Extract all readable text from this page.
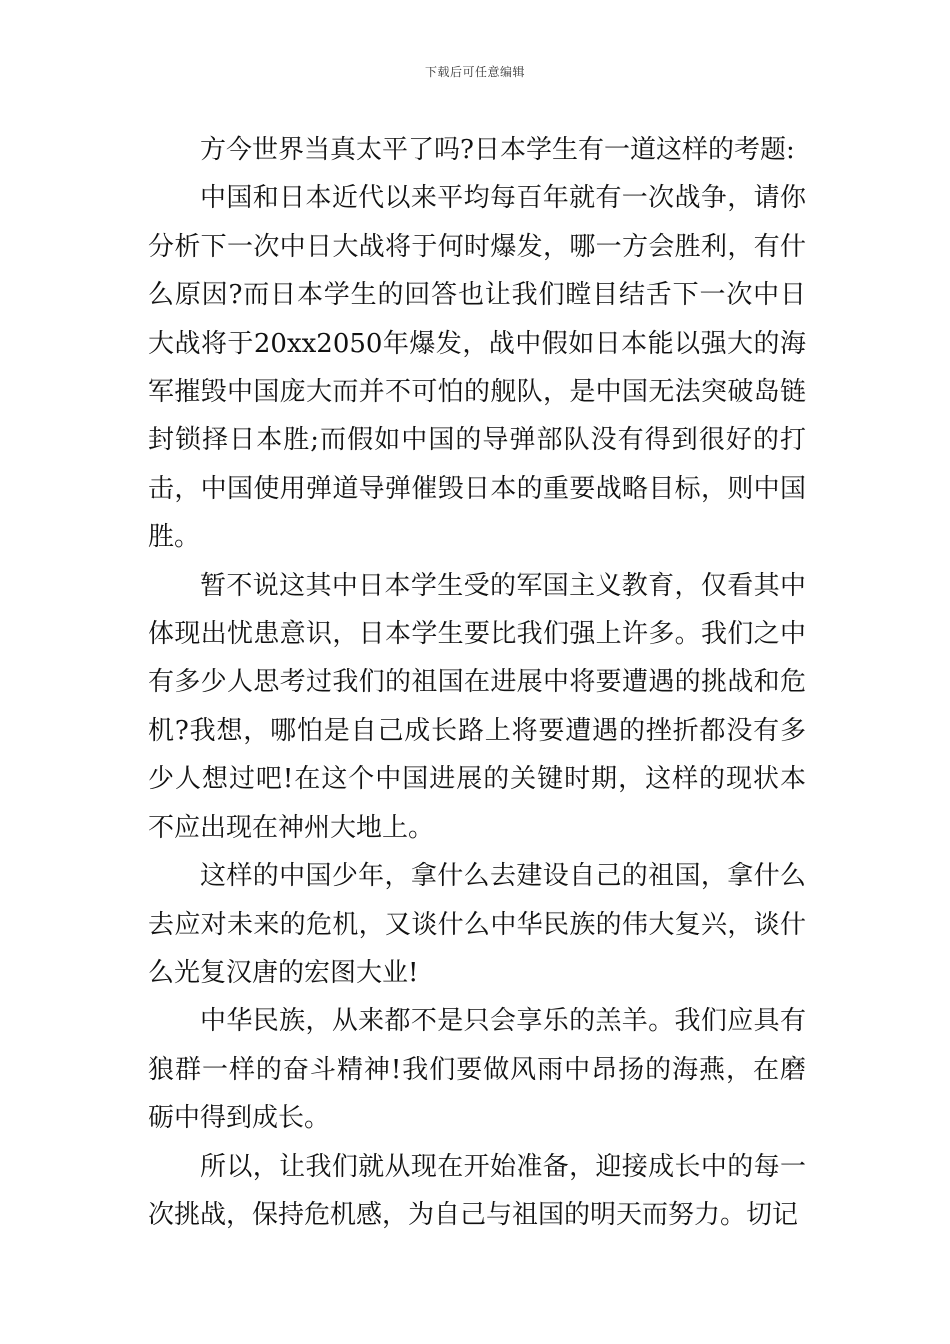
下载后可任意编辑

方今世界当真太平了吗?日本学生有一道这样的考题:

中国和日本近代以来平均每百年就有一次战争，请你分析下一次中日大战将于何时爆发，哪一方会胜利，有什么原因?而日本学生的回答也让我们瞠目结舌下一次中日大战将于20xx2050年爆发，战中假如日本能以强大的海军摧毁中国庞大而并不可怕的舰队，是中国无法突破岛链封锁择日本胜;而假如中国的导弹部队没有得到很好的打击，中国使用弹道导弹催毁日本的重要战略目标，则中国胜。

暂不说这其中日本学生受的军国主义教育，仅看其中体现出忧患意识，日本学生要比我们强上许多。我们之中有多少人思考过我们的祖国在进展中将要遭遇的挑战和危机?我想，哪怕是自己成长路上将要遭遇的挫折都没有多少人想过吧!在这个中国进展的关键时期，这样的现状本不应出现在神州大地上。

这样的中国少年，拿什么去建设自己的祖国，拿什么去应对未来的危机，又谈什么中华民族的伟大复兴，谈什么光复汉唐的宏图大业!

中华民族，从来都不是只会享乐的羔羊。我们应具有狼群一样的奋斗精神!我们要做风雨中昂扬的海燕，在磨砺中得到成长。

所以，让我们就从现在开始准备，迎接成长中的每一次挑战，保持危机感，为自己与祖国的明天而努力。切记
